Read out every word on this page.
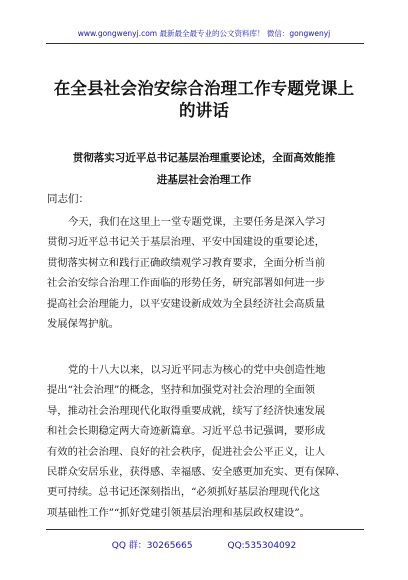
www.gongwenyj.com 最新最全最专业的公文资料库！ 微信：gongwenyj
在全县社会治安综合治理工作专题党课上
的讲话
贯彻落实习近平总书记基层治理重要论述，全面高效能推
进基层社会治理工作
同志们：
今天，我们在这里上一堂专题党课，主要任务是深入学习
贯彻习近平总书记关于基层治理、平安中国建设的重要论述，
贯彻落实树立和践行正确政绩观学习教育要求，全面分析当前
社会治安综合治理工作面临的形势任务，研究部署如何进一步
提高社会治理能力，以平安建设新成效为全县经济社会高质量
发展保驾护航。
党的十八大以来，以习近平同志为核心的党中央创造性地
提出“社会治理”的概念，坚持和加强党对社会治理的全面领
导，推动社会治理现代化取得重要成就，续写了经济快速发展
和社会长期稳定两大奇迹新篇章。习近平总书记强调，要形成
有效的社会治理、良好的社会秩序，促进社会公平正义，让人
民群众安居乐业，获得感、幸福感、安全感更加充实、更有保障、
更可持续。总书记还深刻指出，“必须抓好基层治理现代化这
项基础性工作”“抓好党建引领基层治理和基层政权建设”。
QQ 群：30265665	QQ:535304092
